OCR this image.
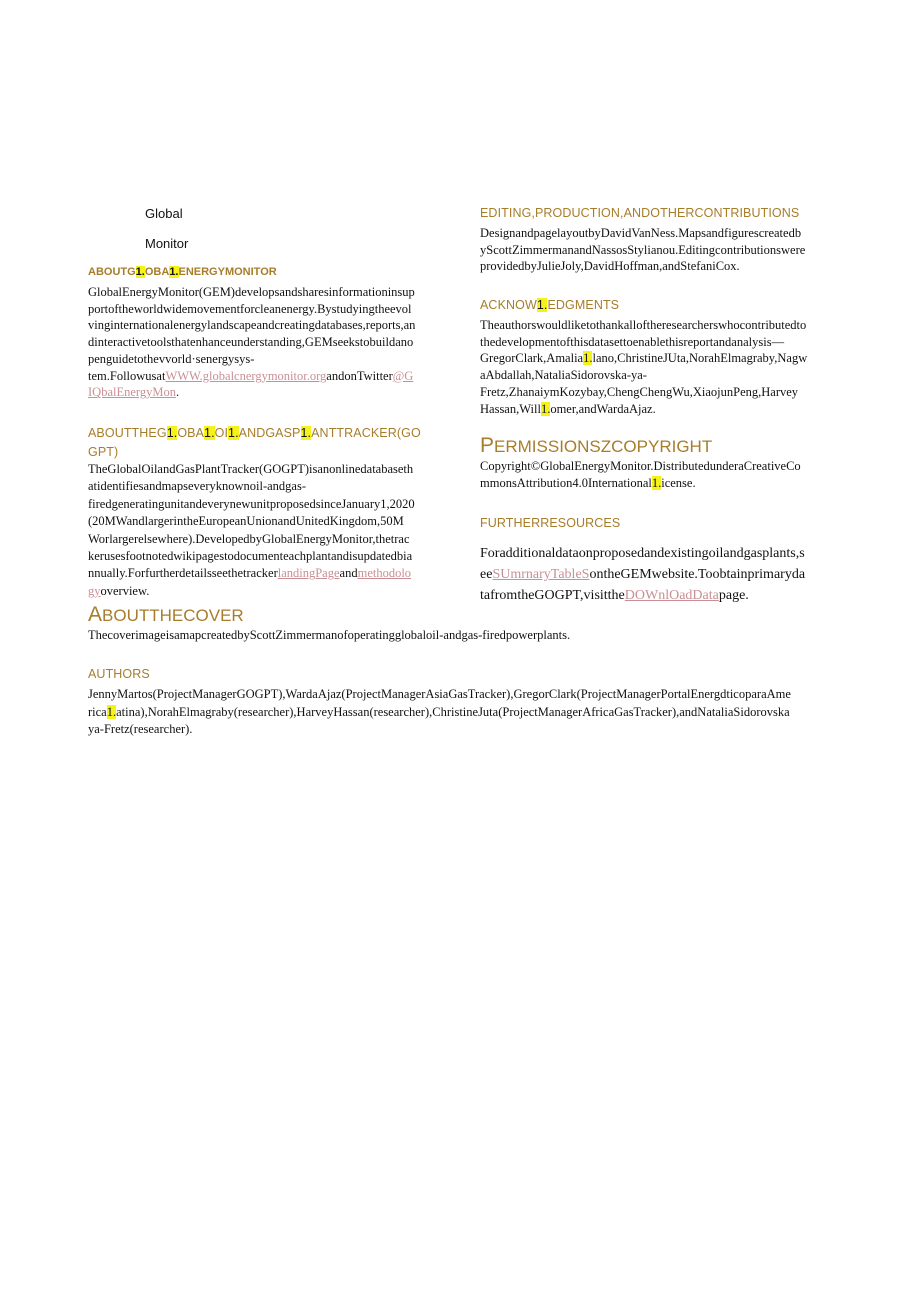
Global
Monitor
ABOUTG1.OBA1.ENERGYMONITOR
GlobalEnergyMonitor(GEM)developsandsharesinformationinsup
portoftheworldwidemovementforcleanenergy.Bystudyingtheevol
vinginternationalenergylandscapeandcreatingdatabases,reports,an
dinteractivetoolsthatenhanceunderstanding,GEMseekstobuildano
penguidetothevvorld·senergysys-
tem.FollowusatWWW.globalcnergymonitor.organdonTwitter@G
IQbalEnergyMon.
ABOUTTHEG1.OBA1.OI1.ANDGASP1.ANTTRACKER(GO
GPT)
TheGlobalOilandGasPlantTracker(GOGPT)isanonlinedatabaseth
atidentifiesandmapseveryknownoil-andgas-
firedgeneratingunitandeverynewunitproposedsinceJanuary1,2020
(20MWandlargerintheEuropeanUnionandUnitedKingdom,50M
Worlargerelsewhere).DevelopedbyGlobalEnergyMonitor,thetrac
kerusesfootnotedwikipagestodocumenteachplantandisupdatedbia
nnually.ForfurtherdetailsseethetrackerlandingPageandmethodolo
gyoverview.
EDITING,PRODUCTION,ANDOTHERCONTRIBUTIONS
DesignandpagelayoutbyDavidVanNess.Mapsandfigurescreatedb
yScottZimmermanandNassosStylianou.Editingcontributionswere
providedbyJulieJoly,DavidHoffman,andStefaniCox.
ACKNOW1.EDGMENTS
Theauthorswouldliketothankalloftheresearcherswhocontributedto
thedevelopmentofthisdatasettoenablethisreportandanalysis—
GregorClark,Amalia1.lano,ChristineJUta,NorahElmagraby,Nagw
aAbdallah,NataliaSidorovska-ya-
Fretz,ZhanaiymKozybay,ChengChengWu,XiaojunPeng,Harvey
Hassan,Will1.omer,andWardaAjaz.
PERMISSIONSZCOPYRIGHT
Copyright©GlobalEnergyMonitor.DistributedunderaCreativeCo
mmonsAttribution4.0International1.icense.
FURTHERRESOURCES
Foradditionaldataonproposedandexistingoilandgasplants,s
eeSUmrnaryTableSontheGEMwebsite.Toobtainprimaryda
tafromtheGOGPT,visittheDOWnlOadDatapage.
ABOUTTHECOVER
ThecoverimageisamapcreatedbyScottZimmermanofoperatingglobaloil-andgas-firedpowerplants.
AUTHORS
JennyMartos(ProjectManagerGOGPT),WardaAjaz(ProjectManagerAsiaGasTracker),GregorClark(ProjectManagerPortalEnergdticoparaAme
rica1.atina),NorahElmagraby(researcher),HarveyHassan(researcher),ChristineJuta(ProjectManagerAfricaGasTracker),andNataliaSidorovska
ya-Fretz(researcher).
